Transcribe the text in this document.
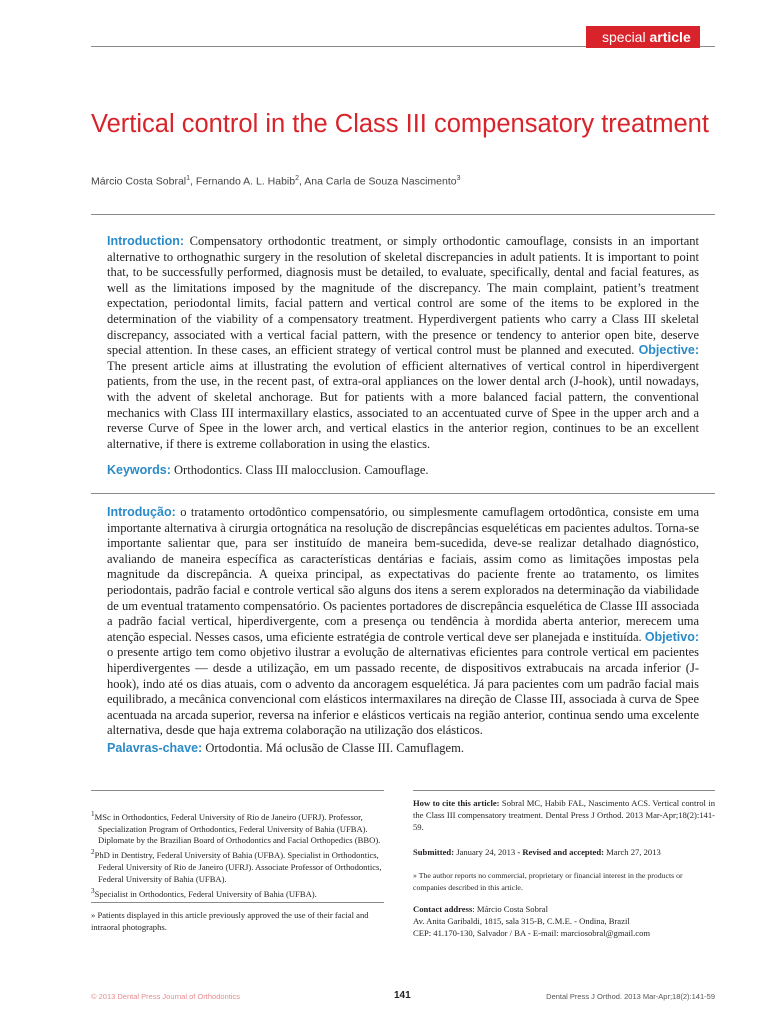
special article
Vertical control in the Class III compensatory treatment
Márcio Costa Sobral$^1$, Fernando A. L. Habib$^2$, Ana Carla de Souza Nascimento$^3$

Introduction: Compensatory orthodontic treatment, or simply orthodontic camouflage, consists in an important alternative to orthognathic surgery in the resolution of skeletal discrepancies in adult patients. It is important to point that, to be successfully performed, diagnosis must be detailed, to evaluate, specifically, dental and facial features, as well as the limitations imposed by the magnitude of the discrepancy. The main complaint, patient’s treatment expectation, periodontal limits, facial pattern and vertical control are some of the items to be explored in the determination of the viability of a compensatory treatment. Hyperdivergent patients who carry a Class III skeletal discrepancy, associated with a vertical facial pattern, with the presence or tendency to anterior open bite, deserve special attention. In these cases, an efficient strategy of vertical control must be planned and executed. Objective: The present article aims at illustrating the evolution of efficient alternatives of vertical control in hiperdivergent patients, from the use, in the recent past, of extra-oral appliances on the lower dental arch (J-hook), until nowadays, with the advent of skeletal anchorage. But for patients with a more balanced facial pattern, the conventional mechanics with Class III intermaxillary elastics, associated to an accentuated curve of Spee in the upper arch and a reverse Curve of Spee in the lower arch, and vertical elastics in the anterior region, continues to be an excellent alternative, if there is extreme collaboration in using the elastics.

Keywords: Orthodontics. Class III malocclusion. Camouflage.

Introdução: o tratamento ortodôntico compensatório, ou simplesmente camuflagem ortodôntica, consiste em uma importante alternativa à cirurgia ortognática na resolução de discrepâncias esqueléticas em pacientes adultos. Torna-se importante salientar que, para ser instituído de maneira bem-sucedida, deve-se realizar detalhado diagnóstico, avaliando de maneira específica as características dentárias e faciais, assim como as limitações impostas pela magnitude da discrepância. A queixa principal, as expectativas do paciente frente ao tratamento, os limites periodontais, padrão facial e controle vertical são alguns dos itens a serem explorados na determinação da viabilidade de um eventual tratamento compensatório. Os pacientes portadores de discrepância esquelética de Classe III associada a padrão facial vertical, hiperdivergente, com a presença ou tendência à mordida aberta anterior, merecem uma atenção especial. Nesses casos, uma eficiente estratégia de controle vertical deve ser planejada e instituída. Objetivo: o presente artigo tem como objetivo ilustrar a evolução de alternativas eficientes para controle vertical em pacientes hiperdivergentes — desde a utilização, em um passado recente, de dispositivos extrabucais na arcada inferior (J-hook), indo até os dias atuais, com o advento da ancoragem esquelética. Já para pacientes com um padrão facial mais equilibrado, a mecânica convencional com elásticos intermaxilares na direção de Classe III, associada à curva de Spee acentuada na arcada superior, reversa na inferior e elásticos verticais na região anterior, continua sendo uma excelente alternativa, desde que haja extrema colaboração na utilização dos elásticos.

Palavras-chave: Ortodontia. Má oclusão de Classe III. Camuflagem.

$^1$MSc in Orthodontics, Federal University of Rio de Janeiro (UFRJ). Professor, Specialization Program of Orthodontics, Federal University of Bahia (UFBA). Diplomate by the Brazilian Board of Orthodontics and Facial Orthopedics (BBO).

$^2$PhD in Dentistry, Federal University of Bahia (UFBA). Specialist in Orthodontics, Federal University of Rio de Janeiro (UFRJ). Associate Professor of Orthodontics, Federal University of Bahia (UFBA).

$^3$Specialist in Orthodontics, Federal University of Bahia (UFBA).

» Patients displayed in this article previously approved the use of their facial and intraoral photographs.

How to cite this article: Sobral MC, Habib FAL, Nascimento ACS. Vertical control in the Class III compensatory treatment. Dental Press J Orthod. 2013 Mar-Apr;18(2):141-59.

Submitted: January 24, 2013 - Revised and accepted: March 27, 2013

» The author reports no commercial, proprietary or financial interest in the products or companies described in this article.

Contact address: Márcio Costa Sobral

Av. Anita Garibaldi, 1815, sala 315-B, C.M.E. - Ondina, Brazil

CEP: 41.170-130, Salvador / BA - E-mail: marciosobral@gmail.com

© 2013 Dental Press Journal of Orthodontics	141	Dental Press J Orthod. 2013 Mar-Apr;18(2):141-59
